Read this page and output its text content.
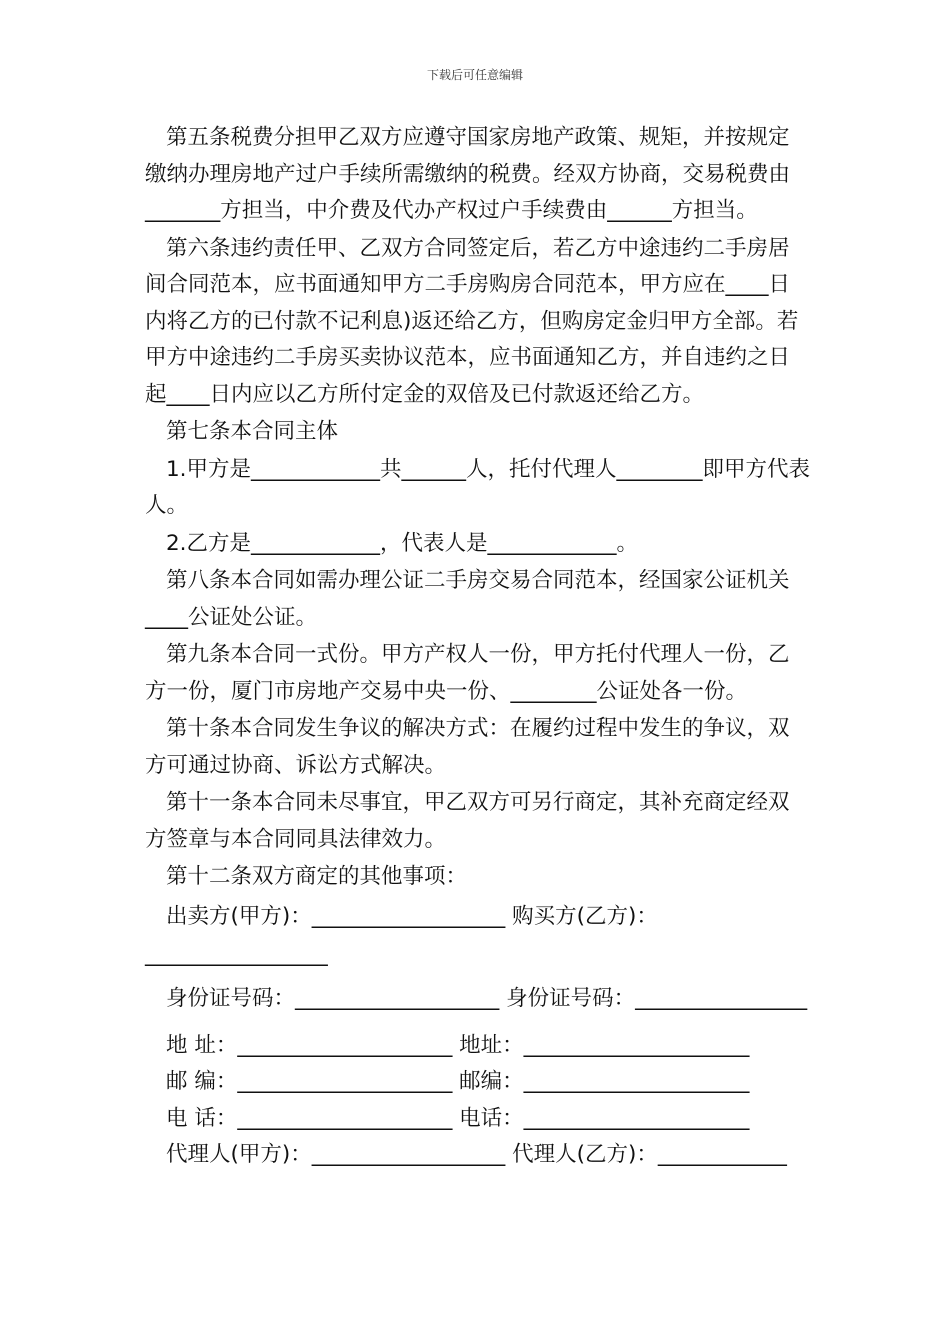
下载后可任意编辑

第五条税费分担甲乙双方应遵守国家房地产政策、规矩，并按规定缴纳办理房地产过户手续所需缴纳的税费。经双方协商，交易税费由_______方担当，中介费及代办产权过户手续费由______方担当。

第六条违约责任甲、乙双方合同签定后，若乙方中途违约二手房居间合同范本，应书面通知甲方二手房购房合同范本，甲方应在____日内将乙方的已付款不记利息)返还给乙方，但购房定金归甲方全部。若甲方中途违约二手房买卖协议范本，应书面通知乙方，并自违约之日起____日内应以乙方所付定金的双倍及已付款返还给乙方。

第七条本合同主体

1.甲方是____________共______人，托付代理人________即甲方代表人。

2.乙方是____________，代表人是____________。

第八条本合同如需办理公证二手房交易合同范本，经国家公证机关____公证处公证。

第九条本合同一式份。甲方产权人一份，甲方托付代理人一份，乙方一份，厦门市房地产交易中央一份、________公证处各一份。

第十条本合同发生争议的解决方式：在履约过程中发生的争议，双方可通过协商、诉讼方式解决。

第十一条本合同未尽事宜，甲乙双方可另行商定，其补充商定经双方签章与本合同同具法律效力。

第十二条双方商定的其他事项：

出卖方(甲方)：__________________ 购买方(乙方)：_________________

身份证号码：___________________ 身份证号码：________________

地 址：____________________ 地址：_____________________

邮 编：____________________ 邮编：_____________________

电 话：____________________ 电话：_____________________

代理人(甲方)：__________________ 代理人(乙方)：____________
